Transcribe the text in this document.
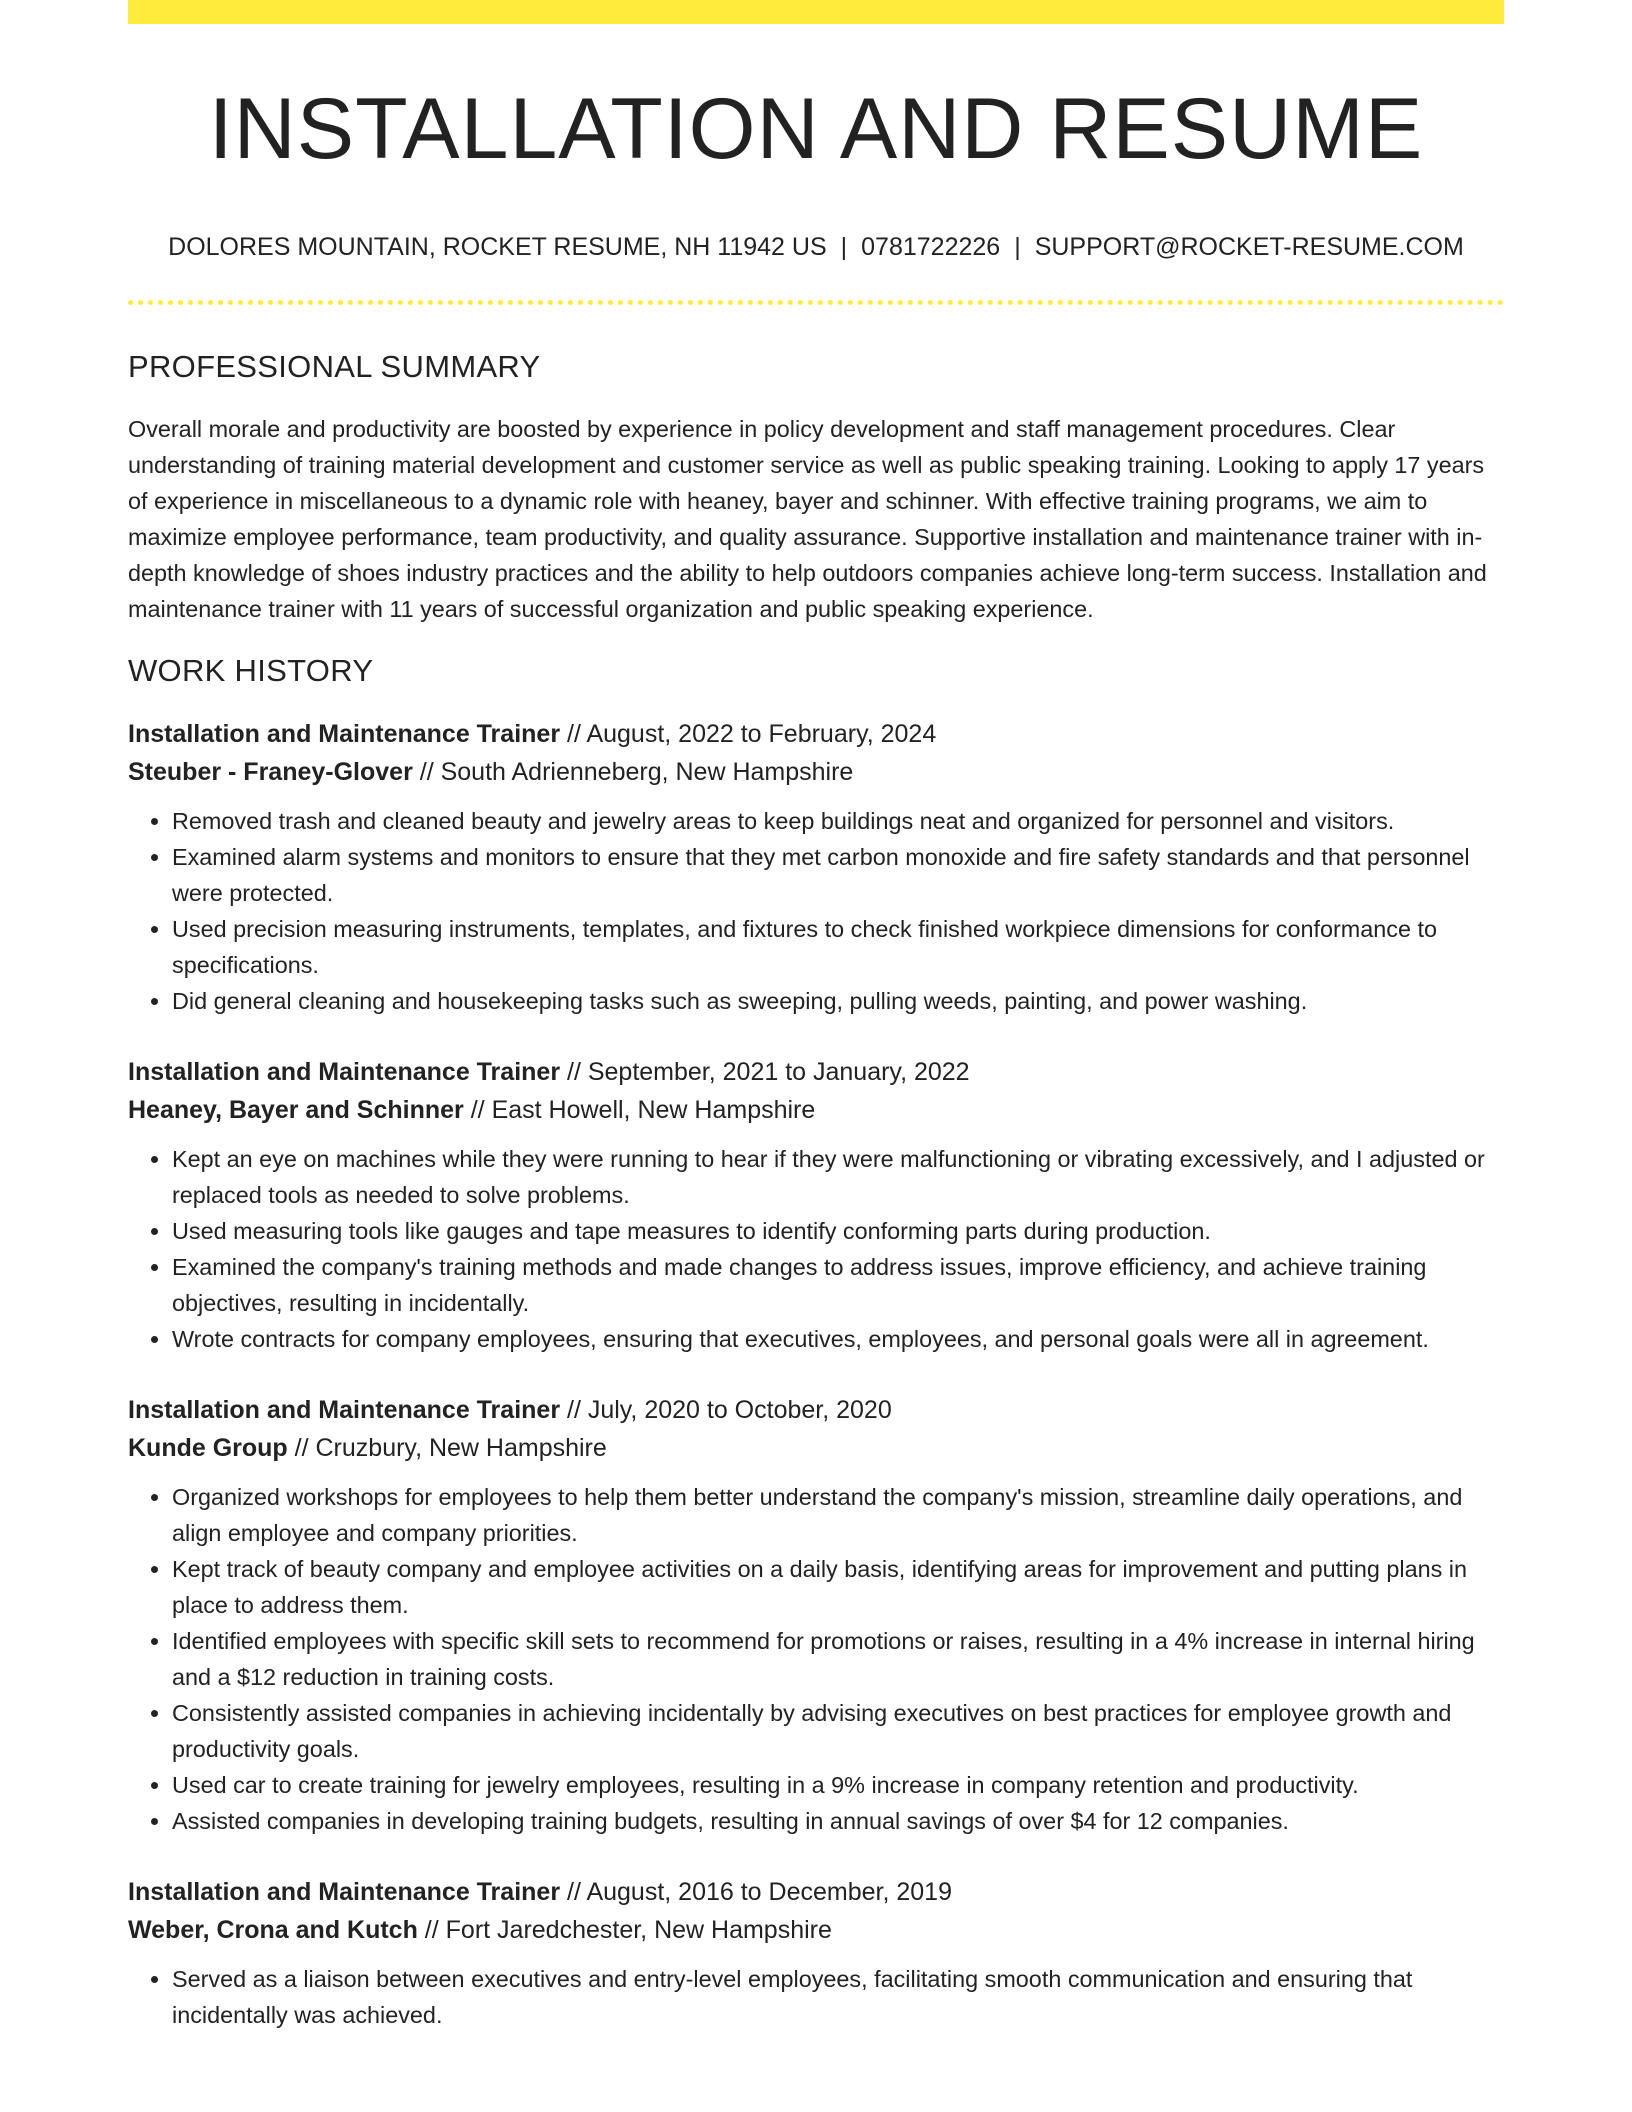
INSTALLATION AND RESUME
DOLORES MOUNTAIN, ROCKET RESUME, NH 11942 US | 0781722226 | SUPPORT@ROCKET-RESUME.COM
PROFESSIONAL SUMMARY

Overall morale and productivity are boosted by experience in policy development and staff management procedures. Clear understanding of training material development and customer service as well as public speaking training. Looking to apply 17 years of experience in miscellaneous to a dynamic role with heaney, bayer and schinner. With effective training programs, we aim to maximize employee performance, team productivity, and quality assurance. Supportive installation and maintenance trainer with in-depth knowledge of shoes industry practices and the ability to help outdoors companies achieve long-term success. Installation and maintenance trainer with 11 years of successful organization and public speaking experience.

WORK HISTORY
Installation and Maintenance Trainer // August, 2022 to February, 2024
Steuber - Franey-Glover // South Adrienneberg, New Hampshire
• Removed trash and cleaned beauty and jewelry areas to keep buildings neat and organized for personnel and visitors.
• Examined alarm systems and monitors to ensure that they met carbon monoxide and fire safety standards and that personnel were protected.
• Used precision measuring instruments, templates, and fixtures to check finished workpiece dimensions for conformance to specifications.
• Did general cleaning and housekeeping tasks such as sweeping, pulling weeds, painting, and power washing.
Installation and Maintenance Trainer // September, 2021 to January, 2022
Heaney, Bayer and Schinner // East Howell, New Hampshire
• Kept an eye on machines while they were running to hear if they were malfunctioning or vibrating excessively, and I adjusted or replaced tools as needed to solve problems.
• Used measuring tools like gauges and tape measures to identify conforming parts during production.
• Examined the company's training methods and made changes to address issues, improve efficiency, and achieve training objectives, resulting in incidentally.
• Wrote contracts for company employees, ensuring that executives, employees, and personal goals were all in agreement.
Installation and Maintenance Trainer // July, 2020 to October, 2020
Kunde Group // Cruzbury, New Hampshire
• Organized workshops for employees to help them better understand the company's mission, streamline daily operations, and align employee and company priorities.
• Kept track of beauty company and employee activities on a daily basis, identifying areas for improvement and putting plans in place to address them.
• Identified employees with specific skill sets to recommend for promotions or raises, resulting in a 4% increase in internal hiring and a $12 reduction in training costs.
• Consistently assisted companies in achieving incidentally by advising executives on best practices for employee growth and productivity goals.
• Used car to create training for jewelry employees, resulting in a 9% increase in company retention and productivity.
• Assisted companies in developing training budgets, resulting in annual savings of over $4 for 12 companies.
Installation and Maintenance Trainer // August, 2016 to December, 2019
Weber, Crona and Kutch // Fort Jaredchester, New Hampshire
• Served as a liaison between executives and entry-level employees, facilitating smooth communication and ensuring that incidentally was achieved.
